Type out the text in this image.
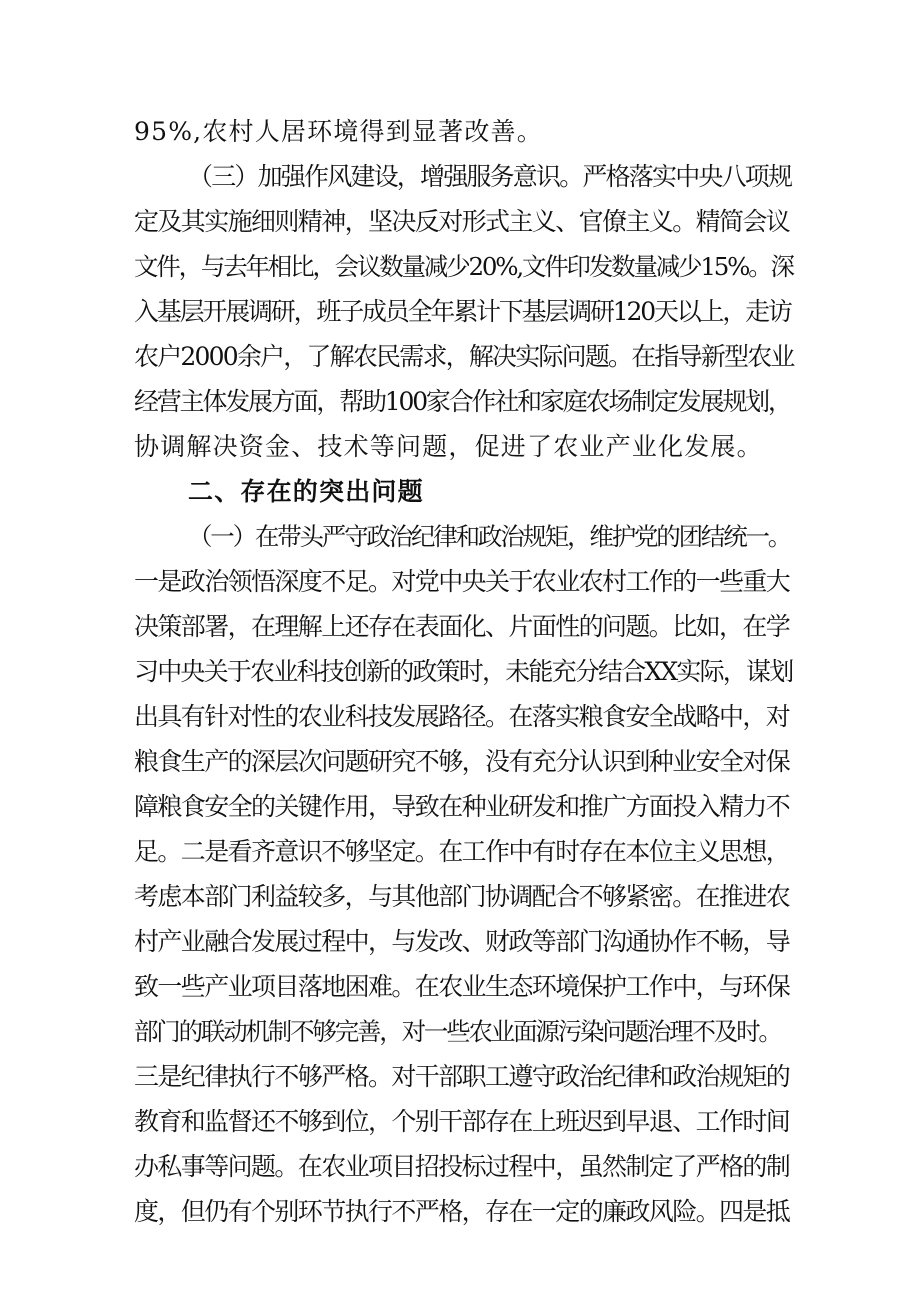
95%,农村人居环境得到显著改善。
（三）加强作风建设，增强服务意识。严格落实中央八项规
定及其实施细则精神，坚决反对形式主义、官僚主义。精简会议
文件，与去年相比，会议数量减少20%,文件印发数量减少15%。深
入基层开展调研，班子成员全年累计下基层调研120天以上，走访
农户2000余户，了解农民需求，解决实际问题。在指导新型农业
经营主体发展方面，帮助100家合作社和家庭农场制定发展规划，
协调解决资金、技术等问题，促进了农业产业化发展。
二、存在的突出问题
（一）在带头严守政治纪律和政治规矩，维护党的团结统一。
一是政治领悟深度不足。对党中央关于农业农村工作的一些重大
决策部署，在理解上还存在表面化、片面性的问题。比如，在学
习中央关于农业科技创新的政策时，未能充分结合XX实际，谋划
出具有针对性的农业科技发展路径。在落实粮食安全战略中，对
粮食生产的深层次问题研究不够，没有充分认识到种业安全对保
障粮食安全的关键作用，导致在种业研发和推广方面投入精力不
足。二是看齐意识不够坚定。在工作中有时存在本位主义思想，
考虑本部门利益较多，与其他部门协调配合不够紧密。在推进农
村产业融合发展过程中，与发改、财政等部门沟通协作不畅，导
致一些产业项目落地困难。在农业生态环境保护工作中，与环保
部门的联动机制不够完善，对一些农业面源污染问题治理不及时。
三是纪律执行不够严格。对干部职工遵守政治纪律和政治规矩的
教育和监督还不够到位，个别干部存在上班迟到早退、工作时间
办私事等问题。在农业项目招投标过程中，虽然制定了严格的制
度，但仍有个别环节执行不严格，存在一定的廉政风险。四是抵
